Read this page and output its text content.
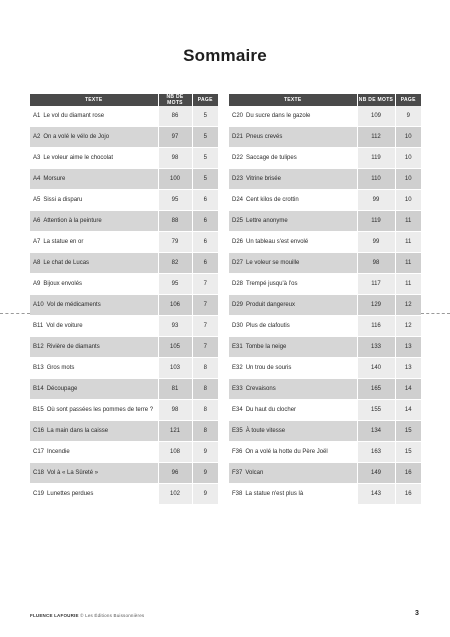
Sommaire
TEXTE	NB DE MOTS	PAGE
A1 Le vol du diamant rose	86	5
A2 On a volé le vélo de Jojo	97	5
A3 Le voleur aime le chocolat	98	5
A4 Morsure	100	5
A5 Sissi a disparu	95	6
A6 Attention à la peinture	88	6
A7 La statue en or	79	6
A8 Le chat de Lucas	82	6
A9 Bijoux envolés	95	7
A10 Vol de médicaments	106	7
B11 Vol de voiture	93	7
B12 Rivière de diamants	105	7
B13 Gros mots	103	8
B14 Découpage	81	8
B15 Où sont passées les pommes de terre ?	98	8
C16 La main dans la caisse	121	8
C17 Incendie	108	9
C18 Vol à « La Sûreté »	96	9
C19 Lunettes perdues	102	9
TEXTE	NB DE MOTS	PAGE
C20 Du sucre dans le gazole	109	9
D21 Pneus crevés	112	10
D22 Saccage de tulipes	119	10
D23 Vitrine brisée	110	10
D24 Cent kilos de crottin	99	10
D25 Lettre anonyme	119	11
D26 Un tableau s'est envolé	99	11
D27 Le voleur se mouille	98	11
D28 Trempé jusqu'à l'os	117	11
D29 Produit dangereux	129	12
D30 Plus de clafoutis	116	12
E31 Tombe la neige	133	13
E32 Un trou de souris	140	13
E33 Crevaisons	165	14
E34 Du haut du clocher	155	14
E35 À toute vitesse	134	15
F36 On a volé la hotte du Père Joël	163	15
F37 Volcan	149	16
F38 La statue n'est plus là	143	16
FLUENCE LAFOURIE © Les Éditions Buissonnières	3
